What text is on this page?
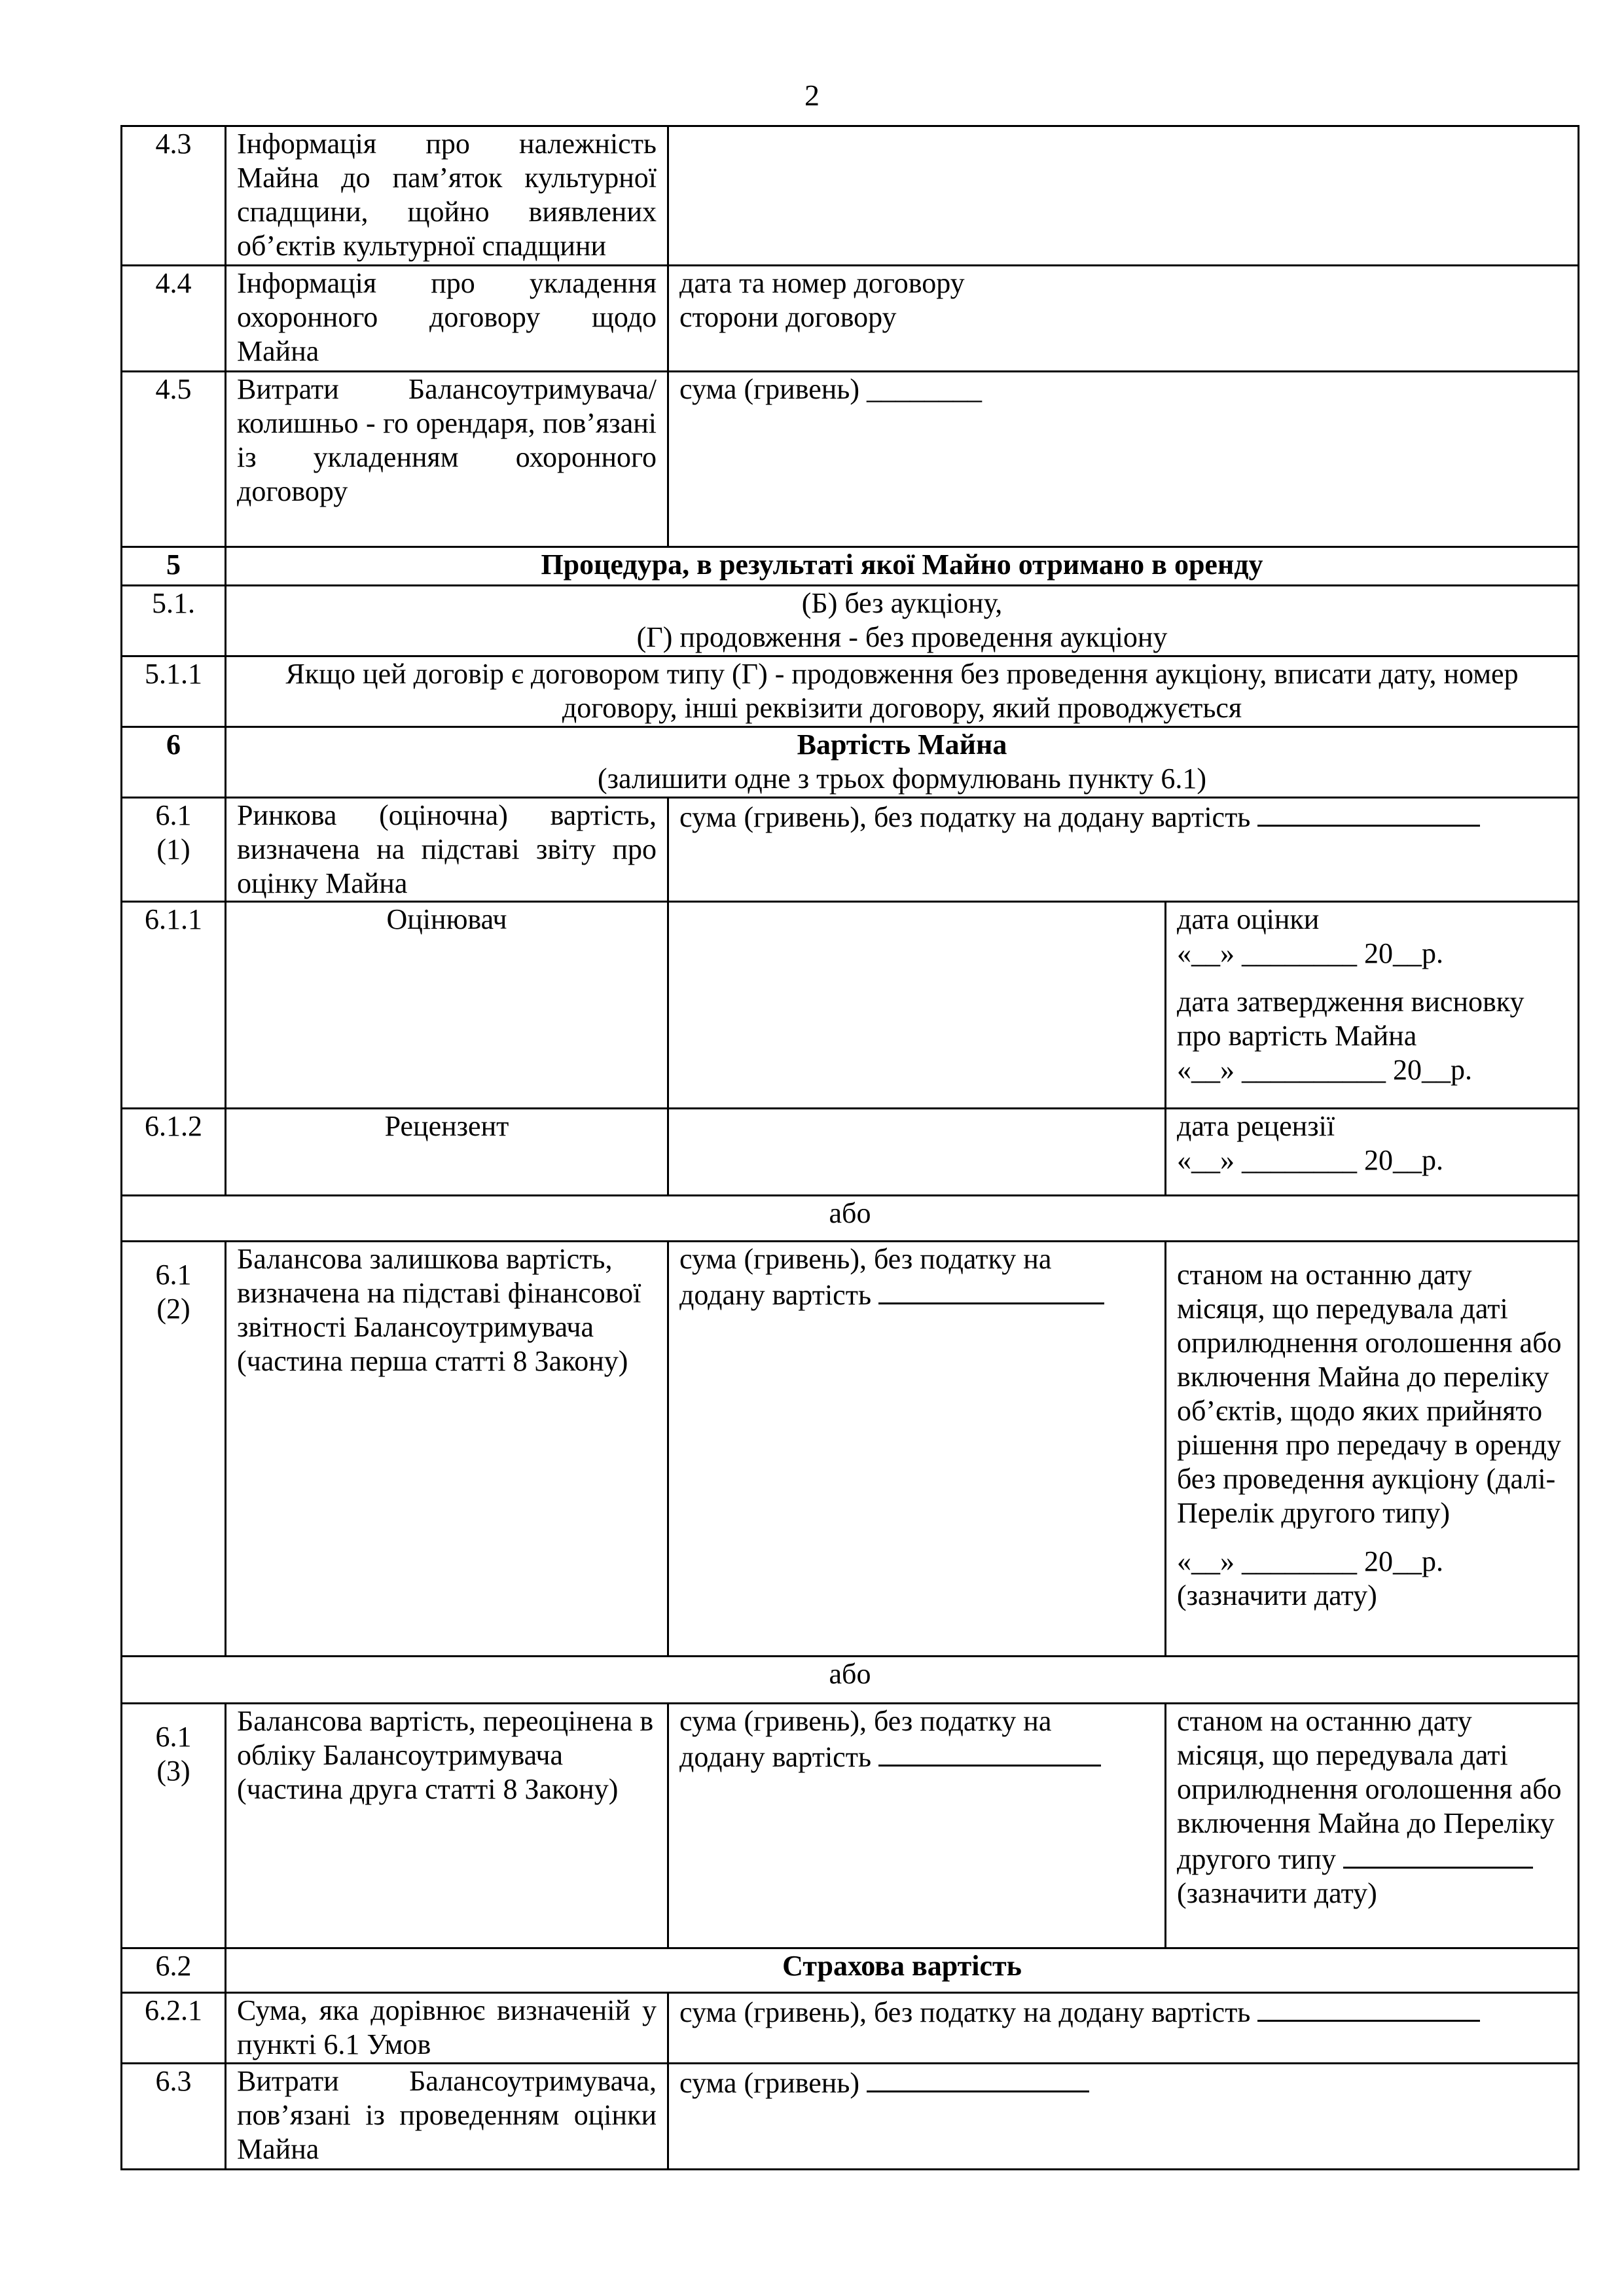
2
4.3	Інформація про належність Майна до пам’яток культурної спадщини, щойно виявлених об’єктів культурної спадщини		
4.4	Інформація про укладення охоронного договору щодо Майна	дата та номер договору
сторони договору	

4.5	Витрати Балансоутримувача/колишньо - го орендаря, пов’язані із укладенням охоронного договору	сума (гривень) ________	
5	Процедура, в результаті якої Майно отримано в оренду		
5.1.	(Б) без аукціону,
(Г) продовження - без проведення аукціону		

5.1.1	Якщо цей договір є договором типу (Г) - продовження без проведення аукціону, вписати дату, номер договору, інші реквізити договору, який проводжується		
6	Вартість Майна
(залишити одне з трьох формулювань пункту 6.1)		

6.1
(1)	Ринкова (оціночна) вартість, визначена на підставі звіту про оцінку Майна	сума (гривень), без податку на додану вартість	
6.1.1	Оцінювач		дата оцінки
«__» ________ 20__р.
дата затвердження висновку про вартість Майна
«__» __________ 20__р.

6.1.2	Рецензент		дата рецензії
«__» ________ 20__р.

або			

6.1
(2)	Балансова залишкова вартість, визначена на підставі фінансової звітності Балансоутримувача (частина перша статті 8 Закону)	сума (гривень), без податку на
додану вартість	станом на останню дату місяця, що передувала даті оприлюднення оголошення або включення Майна до переліку об’єктів, щодо яких прийнято рішення про передачу в оренду без проведення аукціону (далі- Перелік другого типу)
«__» ________ 20__р.
(зазначити дату)

або			

6.1
(3)	Балансова вартість, переоцінена в обліку Балансоутримувача (частина друга статті 8 Закону)	сума (гривень), без податку на
додану вартість	станом на останню дату місяця, що передувала даті оприлюднення оголошення або включення Майна до Переліку другого типу  (зазначити дату)
6.2	Страхова вартість		
6.2.1	Сума, яка дорівнює визначеній у пункті 6.1 Умов	сума (гривень), без податку на додану вартість	
6.3	Витрати Балансоутримувача, пов’язані із проведенням оцінки Майна	сума (гривень)	
